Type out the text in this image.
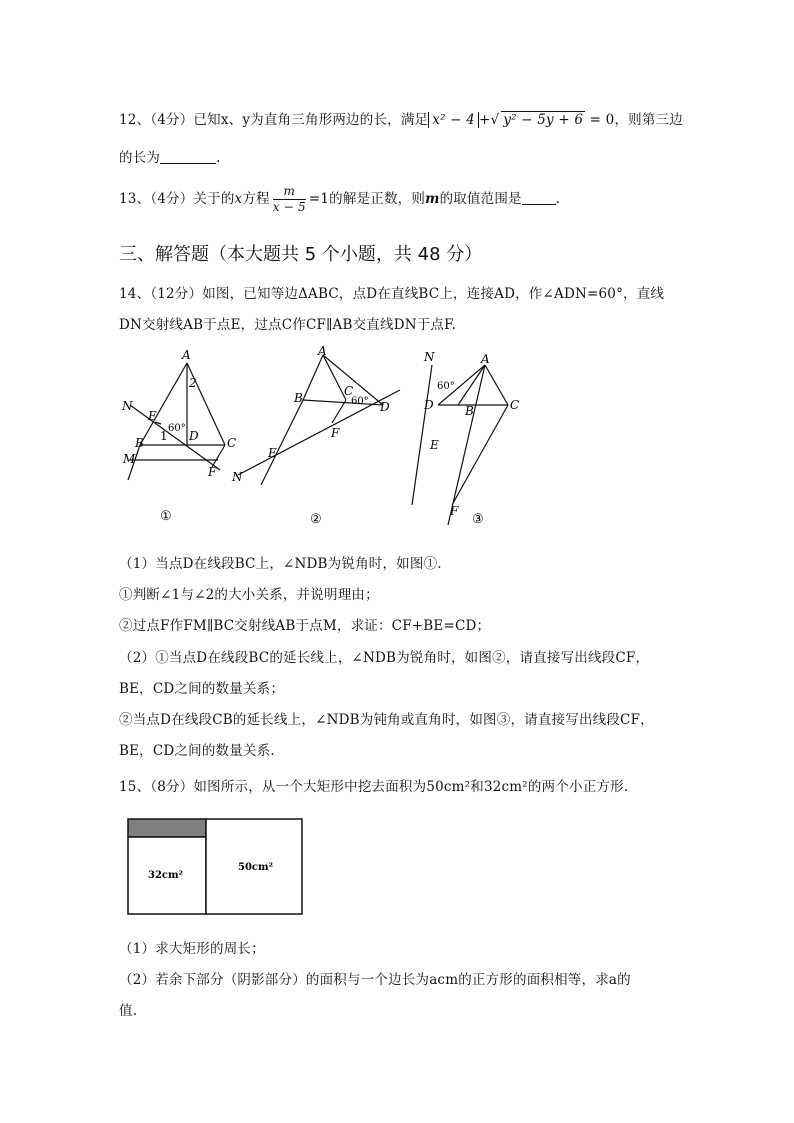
12、（4分）已知x、y为直角三角形两边的长，满足 x² − 4 +√ y² − 5y + 6 = 0，则第三边
的长为	.
13、（4分）关于的x方程 $\frac{m}{x - 5} =1$的解是正数，则m的取值范围是	.
三、解答题（本大题共 5 个小题，共 48 分）
14、（12分）如图，已知等边ΔABC，点D在直线BC上，连接AD，作∠ADN=60°，直线
DN交射线AB于点E，过点C作CF∥AB交直线DN于点F.
A
2
N
E
60°
1 D
B	C
M
F
①
A
B	C
60° D
F
E
N
②
N	A
60°
D	B	C
E
F
③
（1）当点D在线段BC上，∠NDB为锐角时，如图①.
①判断∠1与∠2的大小关系，并说明理由；
②过点F作FM∥BC交射线AB于点M，求证：CF+BE=CD；
（2）①当点D在线段BC的延长线上，∠NDB为锐角时，如图②，请直接写出线段CF，
BE，CD之间的数量关系；
②当点D在线段CB的延长线上，∠NDB为钝角或直角时，如图③，请直接写出线段CF，
BE，CD之间的数量关系.
15、（8分）如图所示，从一个大矩形中挖去面积为50cm²和32cm²的两个小正方形.
32cm²
50cm²
（1）求大矩形的周长；
（2）若余下部分（阴影部分）的面积与一个边长为acm的正方形的面积相等，求a的
值.
